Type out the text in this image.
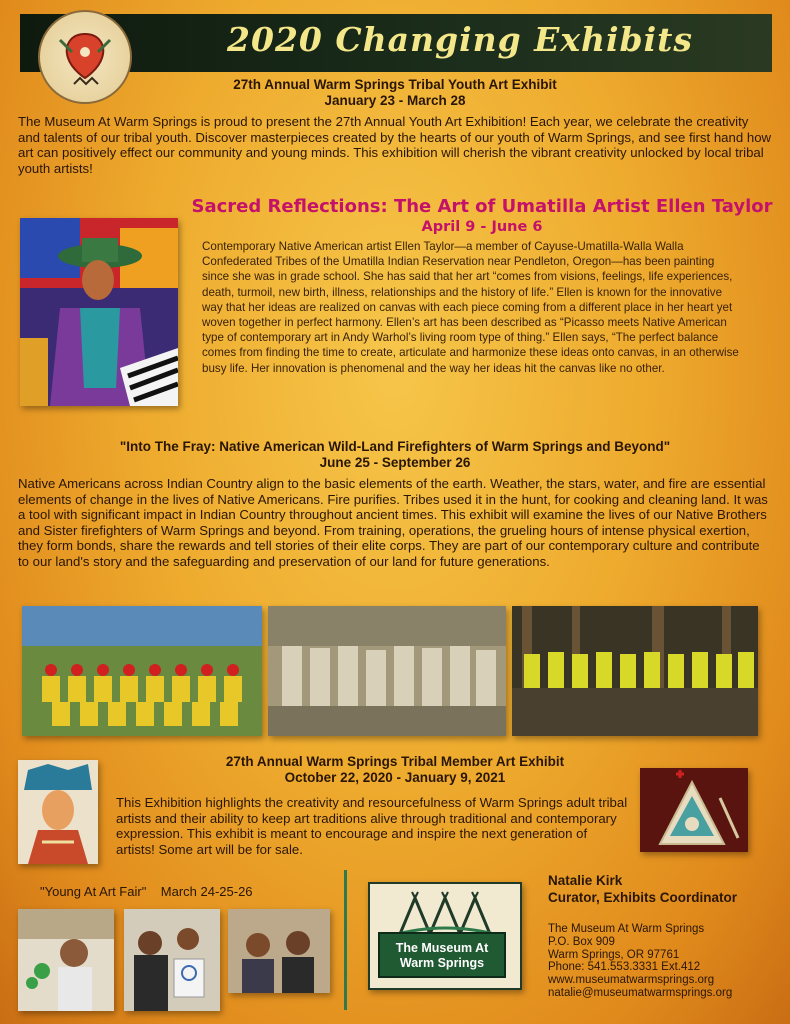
2020 Changing Exhibits
27th Annual Warm Springs Tribal Youth Art Exhibit
January 23 - March 28
The Museum At Warm Springs is proud to present the 27th Annual Youth Art Exhibition! Each year, we celebrate the creativity and talents of our tribal youth. Discover masterpieces created by the hearts of our youth of Warm Springs, and see first hand how art can positively effect our community and young minds. This exhibition will cherish the vibrant creativity unlocked by local tribal youth artists!
Sacred Reflections: The Art of Umatilla Artist Ellen Taylor
April 9 - June 6
Contemporary Native American artist Ellen Taylor—a member of Cayuse-Umatilla-Walla Walla Confederated Tribes of the Umatilla Indian Reservation near Pendleton, Oregon—has been painting since she was in grade school. She has said that her art “comes from visions, feelings, life experiences, death, turmoil, new birth, illness, relationships and the history of life.” Ellen is known for the innovative way that her ideas are realized on canvas with each piece coming from a different place in her heart yet woven together in perfect harmony. Ellen’s art has been described as “Picasso meets Native American type of contemporary art in Andy Warhol’s living room type of thing.” Ellen says, “The perfect balance comes from finding the time to create, articulate and harmonize these ideas onto canvas, in an otherwise busy life. Her innovation is phenomenal and the way her ideas hit the canvas like no other.
"Into The Fray: Native American Wild-Land Firefighters of Warm Springs and Beyond"
June 25 - September 26
Native Americans across Indian Country align to the basic elements of the earth. Weather, the stars, water, and fire are essential elements of change in the lives of Native Americans. Fire purifies. Tribes used it in the hunt, for cooking and cleaning land. It was a tool with significant impact in Indian Country throughout ancient times. This exhibit will examine the lives of our Native Brothers and Sister firefighters of Warm Springs and beyond. From training, operations, the grueling hours of intense physical exertion, they form bonds, share the rewards and tell stories of their elite corps. They are part of our contemporary culture and contribute to our land's story and the safeguarding and preservation of our land for future generations.
27th Annual Warm Springs Tribal Member Art Exhibit
October 22, 2020 - January 9, 2021
This Exhibition highlights the creativity and resourcefulness of Warm Springs adult tribal artists and their ability to keep art traditions alive through traditional and contemporary expression. This exhibit is meant to encourage and inspire the next generation of artists! Some art will be for sale.
"Young At Art Fair" March 24-25-26
The Museum At
Warm Springs
Natalie Kirk
Curator, Exhibits Coordinator
The Museum At Warm Springs
P.O. Box 909
Warm Springs, OR 97761
Phone: 541.553.3331 Ext.412
www.museumatwarmsprings.org
natalie@museumatwarmsprings.org
